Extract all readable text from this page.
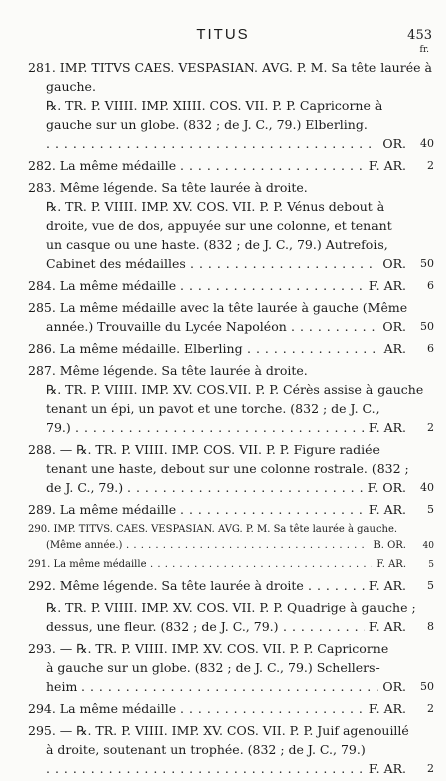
TITUS	453
fr.
281. IMP. TITVS CAES. VESPASIAN. AVG. P. M. Sa tête laurée à
gauche.
℞. TR. P. VIIII. IMP. XIIII. COS. VII. P. P. Capricorne à
gauche sur un globe. (832 ; de J. C., 79.) Elberling.
. . .
OR.	40
282. La même médaille . . .	F. AR.	2
283. Même légende. Sa tête laurée à droite.
℞. TR. P. VIIII. IMP. XV. COS. VII. P. P. Vénus debout à
droite, vue de dos, appuyée sur une colonne, et tenant
un casque ou une haste. (832 ; de J. C., 79.) Autrefois,
Cabinet des médailles . . .	OR.	50
284. La même médaille . . .	F. AR.	6
285. La même médaille avec la tête laurée à gauche (Même
année.) Trouvaille du Lycée Napoléon . . .	OR.	50
286. La même médaille. Elberling . . .	AR.	6
287. Même légende. Sa tête laurée à droite.
℞. TR. P. VIIII. IMP. XV. COS.VII. P. P. Cérès assise à gauche
tenant un épi, un pavot et une torche. (832 ; de J. C.,
79.) . . .	F. AR.	2
288. — ℞. TR. P. VIIII. IMP. COS. VII. P. P. Figure radiée
tenant une haste, debout sur une colonne rostrale. (832 ;
de J. C., 79.) . . .	F. OR.	40
289. La même médaille . . .	F. AR.	5
290. IMP. TITVS. CAES. VESPASIAN. AVG. P. M. Sa tête laurée à gauche.
(Même année.) . . .	B. OR.	40
291. La même médaille . . .	F. AR.	5
292. Même légende. Sa tête laurée à droite . . .	F. AR.	5
℞. TR. P. VIIII. IMP. XV. COS. VII. P. P. Quadrige à gauche ;
dessus, une fleur. (832 ; de J. C., 79.) . . .	F. AR.	8
293. — ℞. TR. P. VIIII. IMP. XV. COS. VII. P. P. Capricorne
à gauche sur un globe. (832 ; de J. C., 79.) Schellers-
heim . . .	OR.	50
294. La même médaille . . .	F. AR.	2
295. — ℞. TR. P. VIIII. IMP. XV. COS. VII. P. P. Juif agenouillé
à droite, soutenant un trophée. (832 ; de J. C., 79.)
. . .
F. AR.	2
